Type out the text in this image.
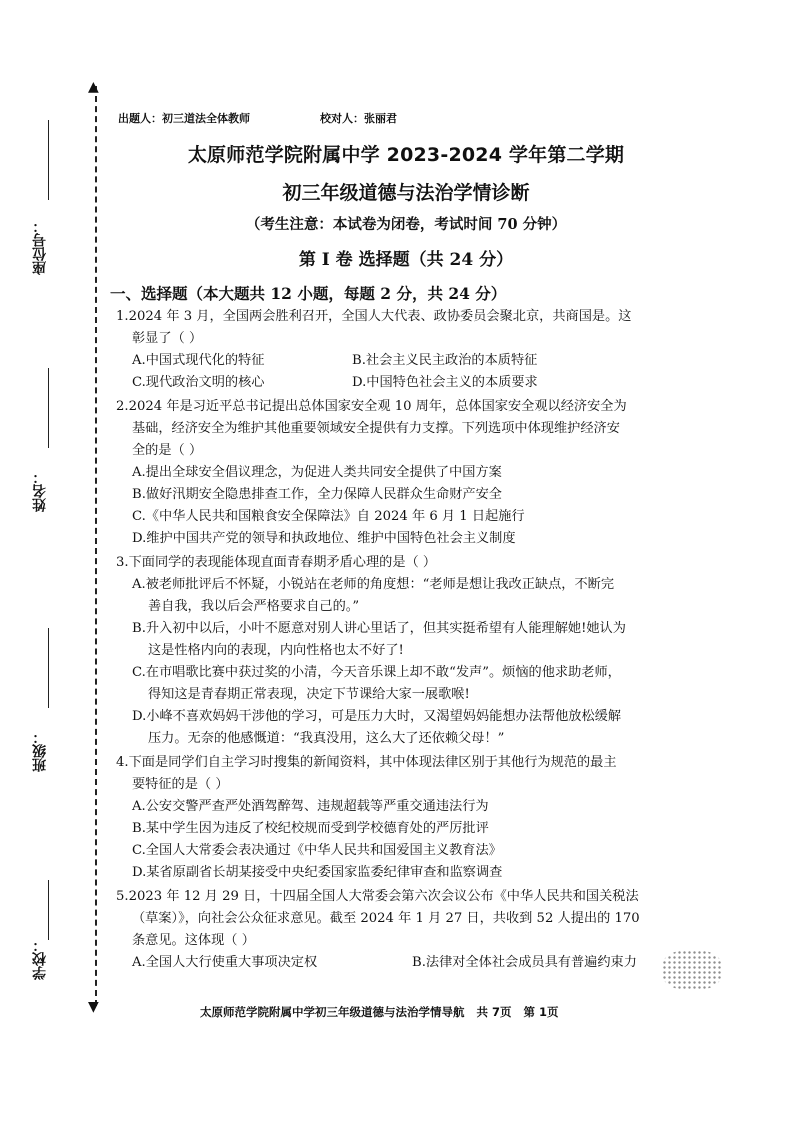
▲
▼
座位号：
姓名：
班级：
学校：
出题人：初三道法全体教师	校对人：张丽君
太原师范学院附属中学 2023-2024 学年第二学期
初三年级道德与法治学情诊断
（考生注意：本试卷为闭卷，考试时间 70 分钟）
第 I 卷 选择题（共 24 分）
一、选择题（本大题共 12 小题，每题 2 分，共 24 分）
1.2024 年 3 月，全国两会胜利召开，全国人大代表、政协委员会聚北京，共商国是。这
彰显了（ ）
A.中国式现代化的特征	B.社会主义民主政治的本质特征
C.现代政治文明的核心	D.中国特色社会主义的本质要求
2.2024 年是习近平总书记提出总体国家安全观 10 周年，总体国家安全观以经济安全为
基础，经济安全为维护其他重要领域安全提供有力支撑。下列选项中体现维护经济安
全的是（ ）
A.提出全球安全倡议理念，为促进人类共同安全提供了中国方案
B.做好汛期安全隐患排查工作，全力保障人民群众生命财产安全
C.《中华人民共和国粮食安全保障法》自 2024 年 6 月 1 日起施行
D.维护中国共产党的领导和执政地位、维护中国特色社会主义制度
3.下面同学的表现能体现直面青春期矛盾心理的是（ ）
A.被老师批评后不怀疑，小锐站在老师的角度想：“老师是想让我改正缺点，不断完
善自我，我以后会严格要求自己的。”
B.升入初中以后，小叶不愿意对别人讲心里话了，但其实挺希望有人能理解她!她认为
这是性格内向的表现，内向性格也太不好了!
C.在市唱歌比赛中获过奖的小清，今天音乐课上却不敢“发声”。烦恼的他求助老师，
得知这是青春期正常表现，决定下节课给大家一展歌喉!
D.小峰不喜欢妈妈干涉他的学习，可是压力大时，又渴望妈妈能想办法帮他放松缓解
压力。无奈的他感慨道：“我真没用，这么大了还依赖父母！”
4.下面是同学们自主学习时搜集的新闻资料，其中体现法律区别于其他行为规范的最主
要特征的是（ ）
A.公安交警严查严处酒驾醉驾、违规超载等严重交通违法行为
B.某中学生因为违反了校纪校规而受到学校德育处的严厉批评
C.全国人大常委会表决通过《中华人民共和国爱国主义教育法》
D.某省原副省长胡某接受中央纪委国家监委纪律审查和监察调查
5.2023 年 12 月 29 日，十四届全国人大常委会第六次会议公布《中华人民共和国关税法
（草案）》，向社会公众征求意见。截至 2024 年 1 月 27 日，共收到 52 人提出的 170
条意见。这体现（ ）
A.全国人大行使重大事项决定权	B.法律对全体社会成员具有普遍约束力
太原师范学院附属中学初三年级道德与法治学情导航 共 7页 第 1页
